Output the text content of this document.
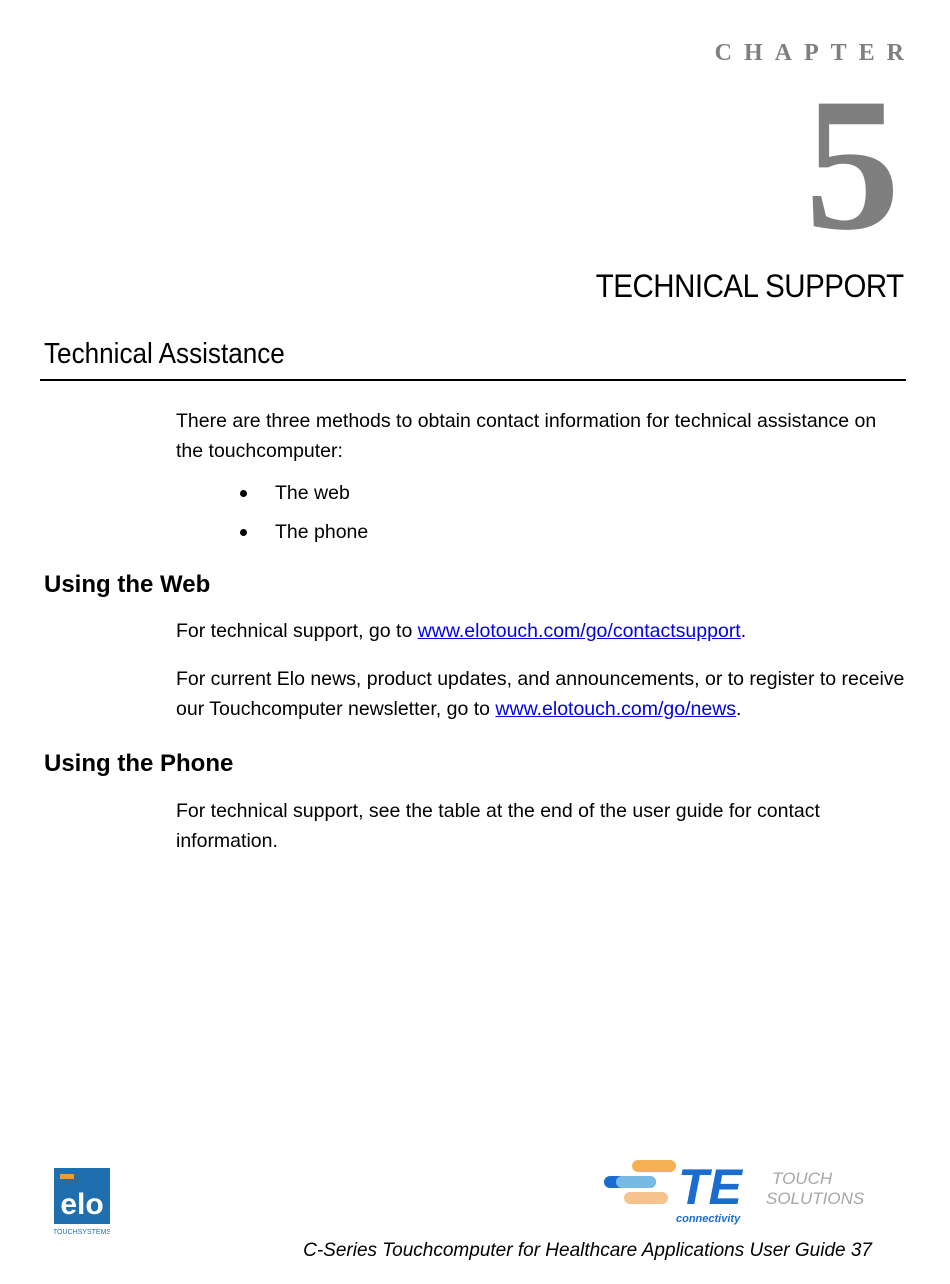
CHAPTER
5
TECHNICAL SUPPORT
Technical Assistance

There are three methods to obtain contact information for technical assistance on the touchcomputer:

The web
The phone
Using the Web

For technical support, go to www.elotouch.com/go/contactsupport.

For current Elo news, product updates, and announcements, or to register to receive our Touchcomputer newsletter, go to www.elotouch.com/go/news.

Using the Phone

For technical support, see the table at the end of the user guide for contact information.

elo
TOUCHSYSTEMS
TE
connectivity
TOUCH
SOLUTIONS
C-Series Touchcomputer for Healthcare Applications User Guide 37
